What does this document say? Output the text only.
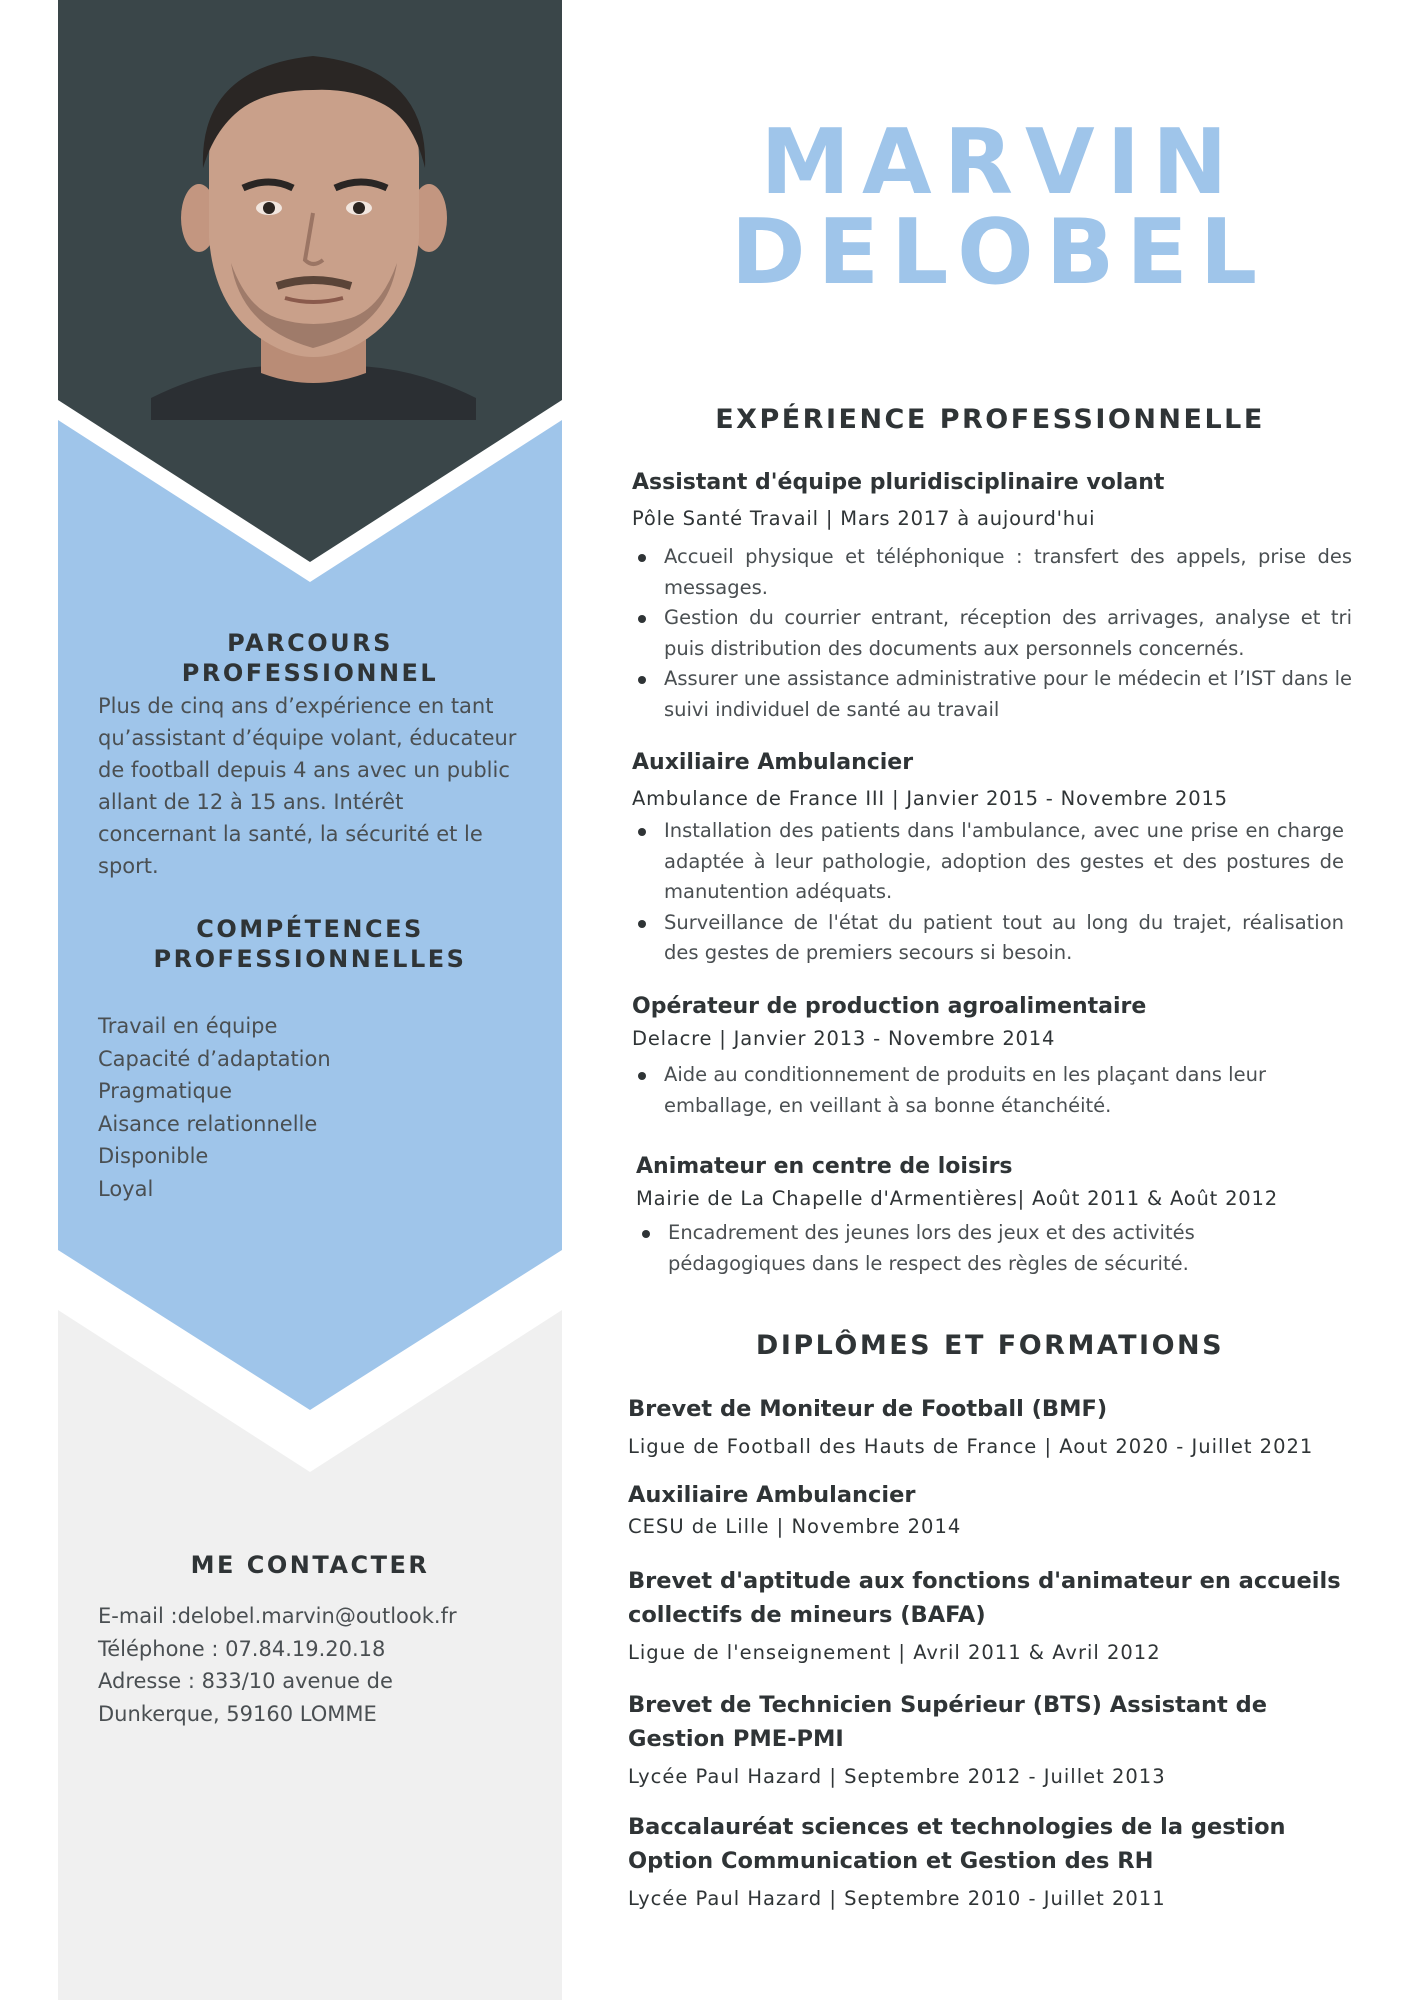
PARCOURS PROFESSIONNEL
Plus de cinq ans d’expérience en tant qu’assistant d’équipe volant, éducateur de football depuis 4 ans avec un public allant de 12 à 15 ans. Intérêt concernant la santé, la sécurité et le sport.
COMPÉTENCES
PROFESSIONNELLES
Travail en équipe
Capacité d’adaptation
Pragmatique
Aisance relationnelle
Disponible
Loyal
ME CONTACTER
E-mail :delobel.marvin@outlook.fr
Téléphone : 07.84.19.20.18
Adresse : 833/10 avenue de
Dunkerque, 59160 LOMME
MARVIN
DELOBEL
EXPÉRIENCE PROFESSIONNELLE
Assistant d'équipe pluridisciplinaire volant
Pôle Santé Travail | Mars 2017 à aujourd'hui
Accueil physique et téléphonique : transfert des appels, prise des messages.
Gestion du courrier entrant, réception des arrivages, analyse et tri puis distribution des documents aux personnels concernés.
Assurer une assistance administrative pour le médecin et l’IST dans le suivi individuel de santé au travail
Auxiliaire Ambulancier
Ambulance de France III | Janvier 2015 - Novembre 2015
Installation des patients dans l'ambulance, avec une prise en charge adaptée à leur pathologie, adoption des gestes et des postures de manutention adéquats.
Surveillance de l'état du patient tout au long du trajet, réalisation des gestes de premiers secours si besoin.
Opérateur de production agroalimentaire
Delacre | Janvier 2013 - Novembre 2014
Aide au conditionnement de produits en les plaçant dans leur emballage, en veillant à sa bonne étanchéité.
Animateur en centre de loisirs
Mairie de La Chapelle d'Armentières| Août 2011 & Août 2012
Encadrement des jeunes lors des jeux et des activités pédagogiques dans le respect des règles de sécurité.
DIPLÔMES ET FORMATIONS
Brevet de Moniteur de Football (BMF)
Ligue de Football des Hauts de France | Aout 2020 - Juillet 2021
Auxiliaire Ambulancier
CESU de Lille | Novembre 2014
Brevet d'aptitude aux fonctions d'animateur en accueils
collectifs de mineurs (BAFA)
Ligue de l'enseignement | Avril 2011 & Avril 2012
Brevet de Technicien Supérieur (BTS) Assistant de
Gestion PME-PMI
Lycée Paul Hazard | Septembre 2012 - Juillet 2013
Baccalauréat sciences et technologies de la gestion
Option Communication et Gestion des RH
Lycée Paul Hazard | Septembre 2010 - Juillet 2011
